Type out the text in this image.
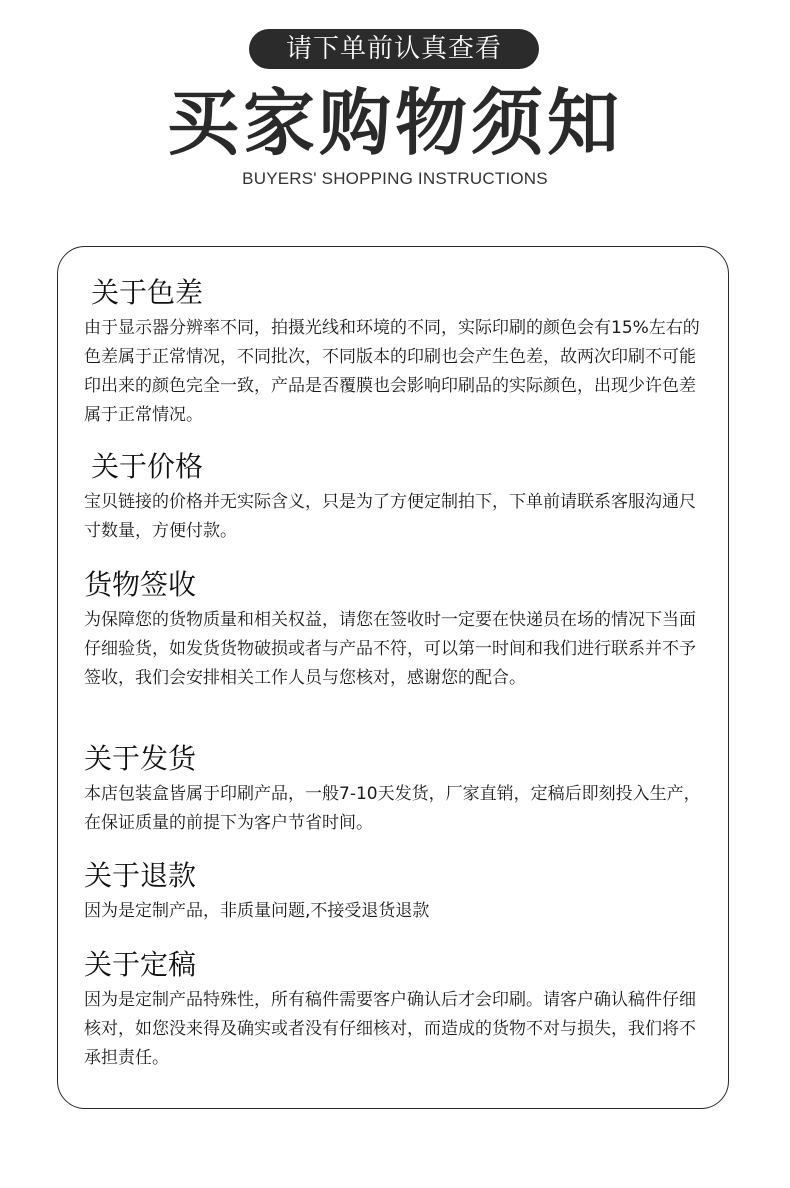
请下单前认真查看
买家购物须知
BUYERS' SHOPPING INSTRUCTIONS
关于色差

由于显示器分辨率不同，拍摄光线和环境的不同，实际印刷的颜色会有15%左右的色差属于正常情况，不同批次，不同版本的印刷也会产生色差，故两次印刷不可能印出来的颜色完全一致，产品是否覆膜也会影响印刷品的实际颜色，出现少许色差属于正常情况。

关于价格

宝贝链接的价格并无实际含义，只是为了方便定制拍下，下单前请联系客服沟通尺寸数量，方便付款。

货物签收

为保障您的货物质量和相关权益，请您在签收时一定要在快递员在场的情况下当面仔细验货，如发货货物破损或者与产品不符，可以第一时间和我们进行联系并不予签收，我们会安排相关工作人员与您核对，感谢您的配合。

关于发货

本店包装盒皆属于印刷产品，一般7-10天发货，厂家直销，定稿后即刻投入生产，在保证质量的前提下为客户节省时间。

关于退款

因为是定制产品，非质量问题,不接受退货退款

关于定稿

因为是定制产品特殊性，所有稿件需要客户确认后才会印刷。请客户确认稿件仔细核对，如您没来得及确实或者没有仔细核对，而造成的货物不对与损失，我们将不承担责任。
